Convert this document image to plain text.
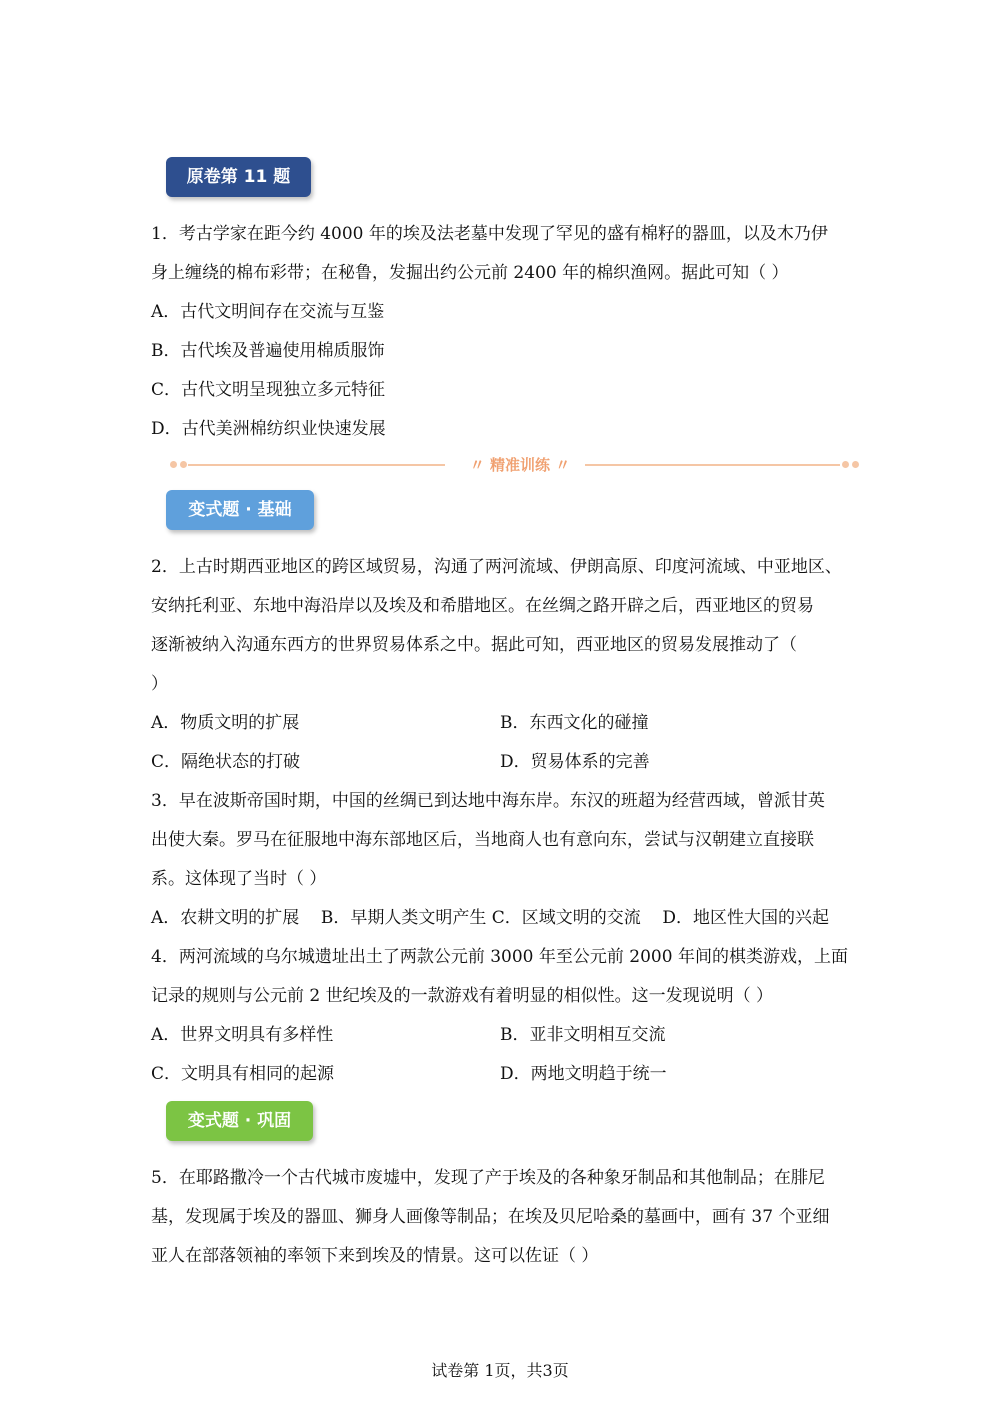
原卷第 11 题
1．考古学家在距今约 4000 年的埃及法老墓中发现了罕见的盛有棉籽的器皿，以及木乃伊
身上缠绕的棉布彩带；在秘鲁，发掘出约公元前 2400 年的棉织渔网。据此可知（ ）
A．古代文明间存在交流与互鉴
B．古代埃及普遍使用棉质服饰
C．古代文明呈现独立多元特征
D．古代美洲棉纺织业快速发展
〃 精准训练 〃
变式题 · 基础
2．上古时期西亚地区的跨区域贸易，沟通了两河流域、伊朗高原、印度河流域、中亚地区、
安纳托利亚、东地中海沿岸以及埃及和希腊地区。在丝绸之路开辟之后，西亚地区的贸易
逐渐被纳入沟通东西方的世界贸易体系之中。据此可知，西亚地区的贸易发展推动了（
）
A．物质文明的扩展	B．东西文化的碰撞
C．隔绝状态的打破	D．贸易体系的完善
3．早在波斯帝国时期，中国的丝绸已到达地中海东岸。东汉的班超为经营西域，曾派甘英
出使大秦。罗马在征服地中海东部地区后，当地商人也有意向东，尝试与汉朝建立直接联
系。这体现了当时（ ）
A．农耕文明的扩展    B．早期人类文明产生 C．区域文明的交流    D．地区性大国的兴起
4．两河流域的乌尔城遗址出土了两款公元前 3000 年至公元前 2000 年间的棋类游戏，上面
记录的规则与公元前 2 世纪埃及的一款游戏有着明显的相似性。这一发现说明（ ）
A．世界文明具有多样性	B．亚非文明相互交流
C．文明具有相同的起源	D．两地文明趋于统一
变式题 · 巩固
5．在耶路撒冷一个古代城市废墟中，发现了产于埃及的各种象牙制品和其他制品；在腓尼
基，发现属于埃及的器皿、狮身人画像等制品；在埃及贝尼哈桑的墓画中，画有 37 个亚细
亚人在部落领袖的率领下来到埃及的情景。这可以佐证（ ）
试卷第 1页，共3页
